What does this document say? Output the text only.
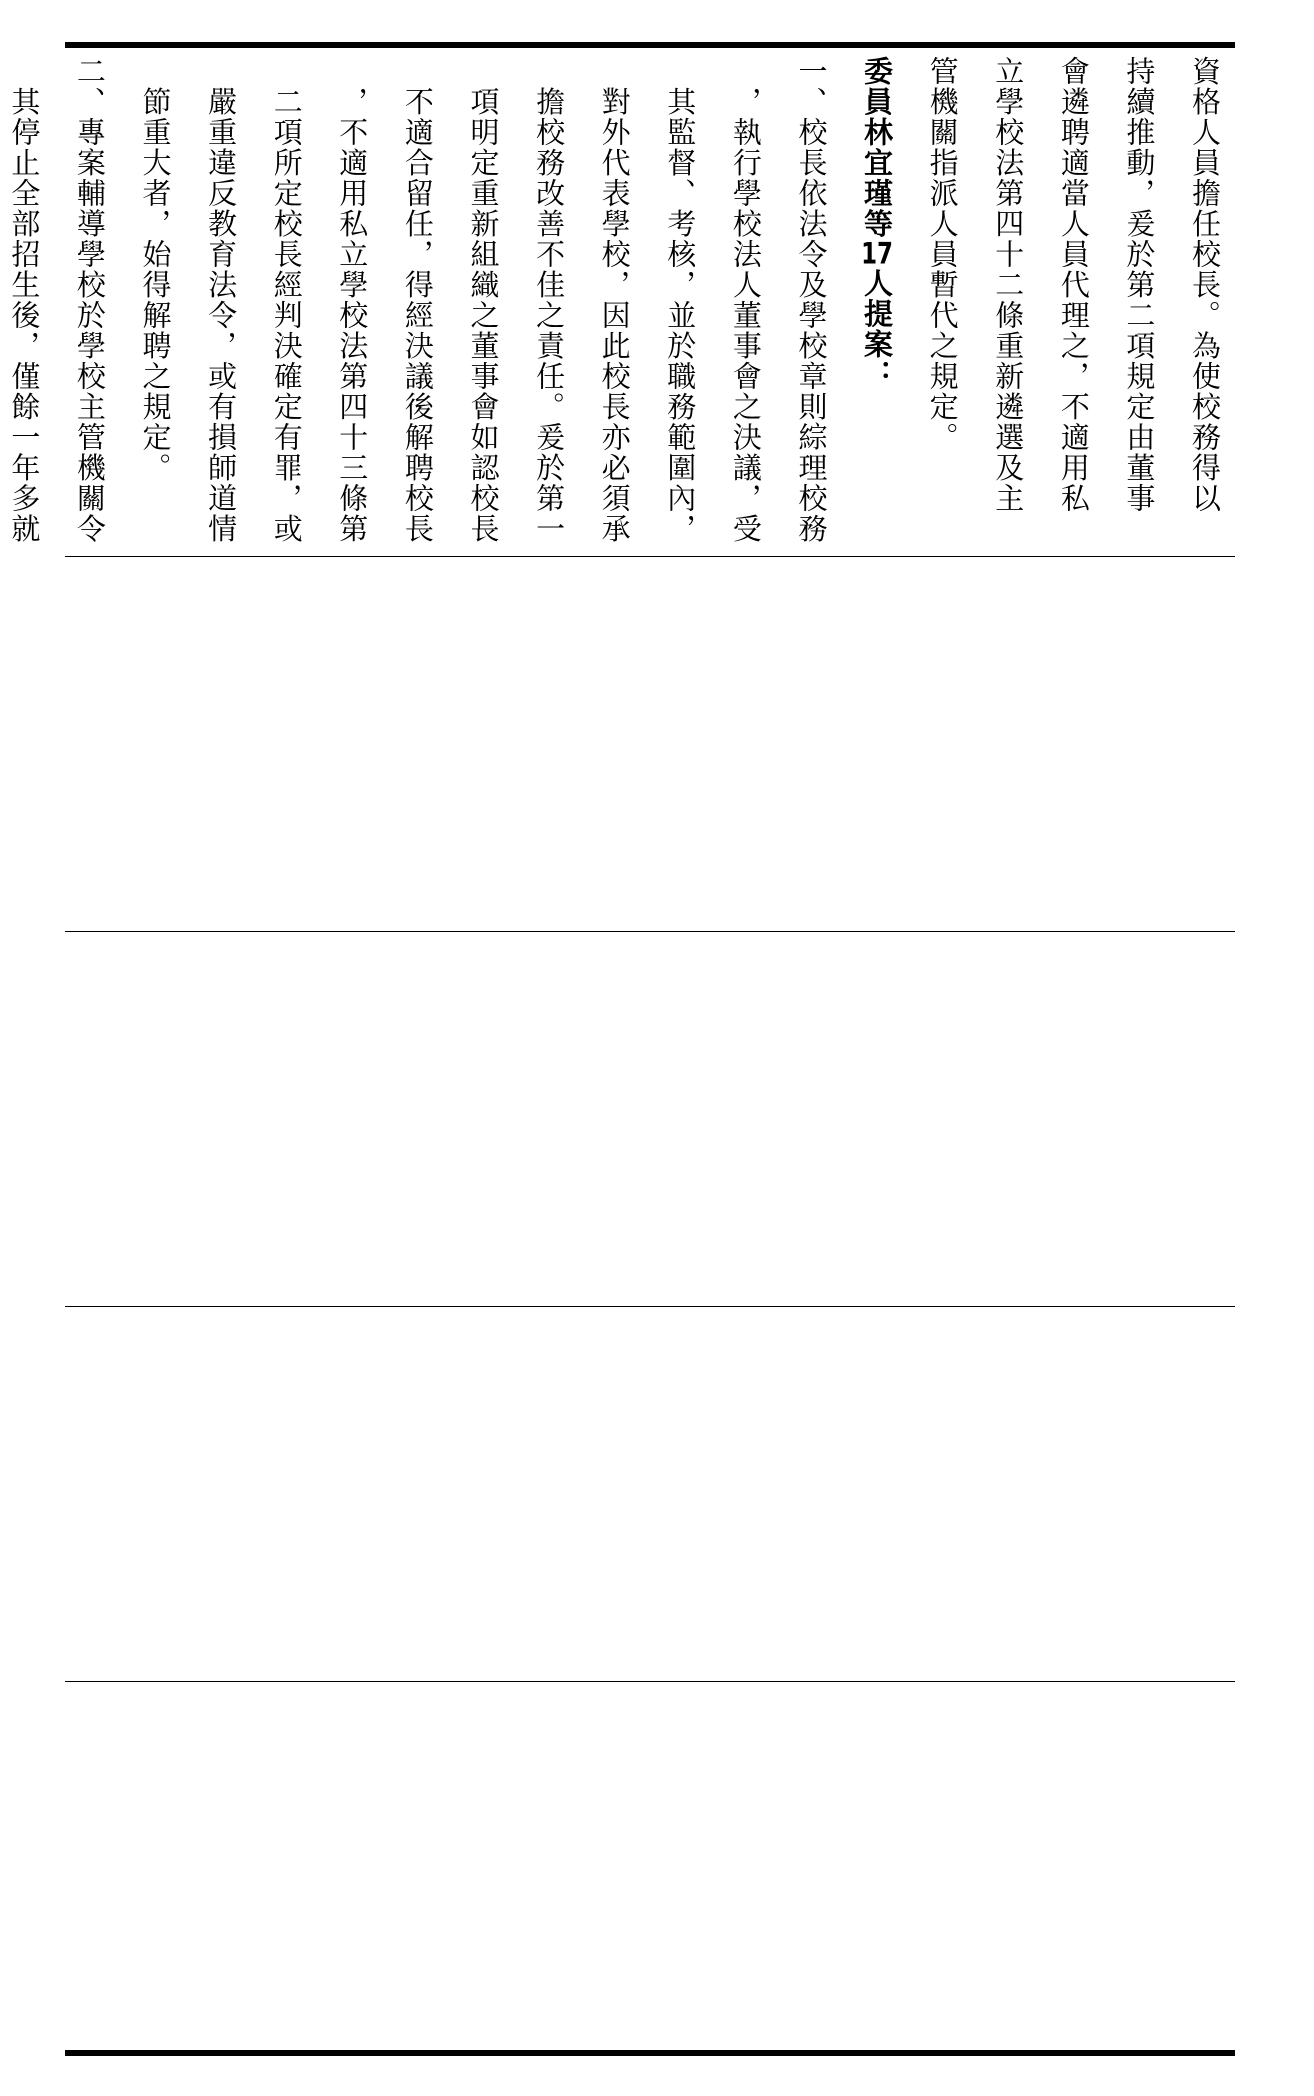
資格人員擔任校長。為使校務得以
持續推動，爰於第二項規定由董事
會遴聘適當人員代理之，不適用私
立學校法第四十二條重新遴選及主
管機關指派人員暫代之規定。
委員林宜瑾等17人提案：
一、校長依法令及學校章則綜理校務
　，執行學校法人董事會之決議，受
　其監督、考核，並於職務範圍內，
　對外代表學校，因此校長亦必須承
　擔校務改善不佳之責任。爰於第一
　項明定重新組織之董事會如認校長
　不適合留任，得經決議後解聘校長
　，不適用私立學校法第四十三條第
　二項所定校長經判決確定有罪，或
　嚴重違反教育法令，或有損師道情
　節重大者，始得解聘之規定。
二、專案輔導學校於學校主管機關令
　其停止全部招生後，僅餘一年多就
